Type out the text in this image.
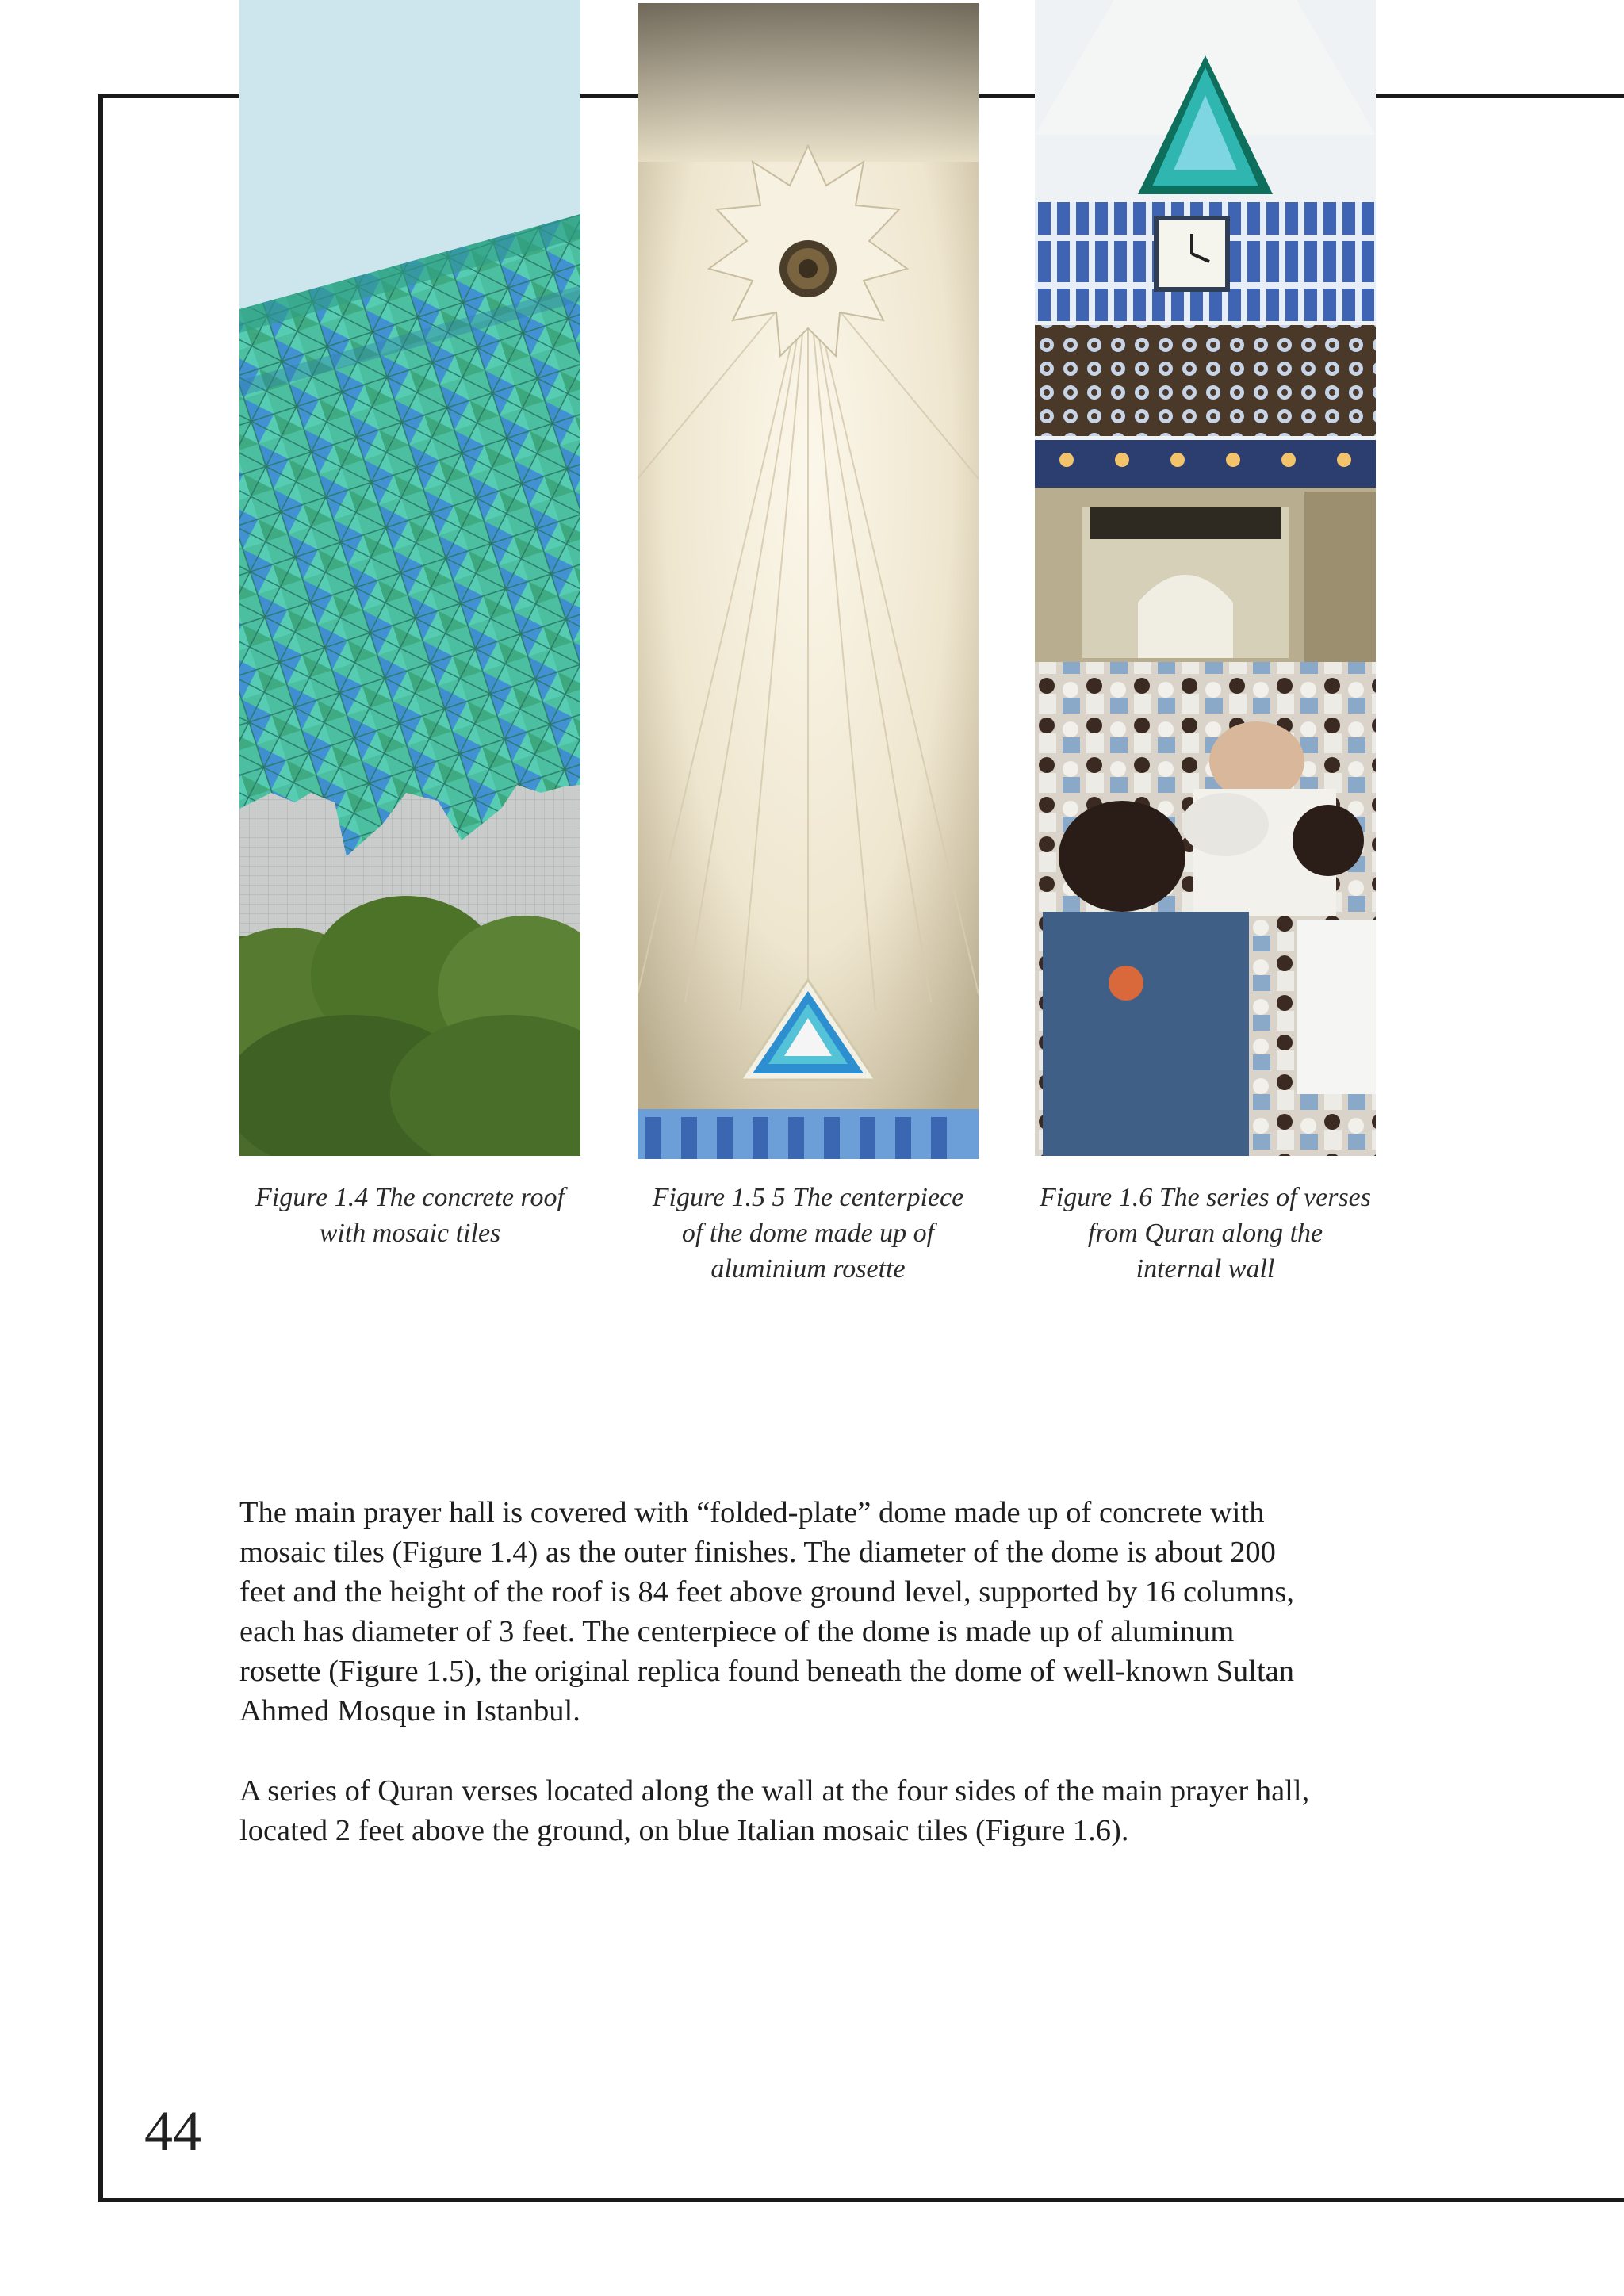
Figure 1.4 The concrete roof
with mosaic tiles
Figure 1.5 5 The centerpiece
of the dome made up of
aluminium rosette
Figure 1.6 The series of verses
from Quran along the
internal wall

The main prayer hall is covered with “folded-plate” dome made up of concrete with
mosaic tiles (Figure 1.4) as the outer finishes. The diameter of the dome is about 200
feet and the height of the roof is 84 feet above ground level, supported by 16 columns,
each has diameter of 3 feet. The centerpiece of the dome is made up of aluminum
rosette (Figure 1.5), the original replica found beneath the dome of well-known Sultan
Ahmed Mosque in Istanbul.

A series of Quran verses located along the wall at the four sides of the main prayer hall,
located 2 feet above the ground, on blue Italian mosaic tiles (Figure 1.6).

44
